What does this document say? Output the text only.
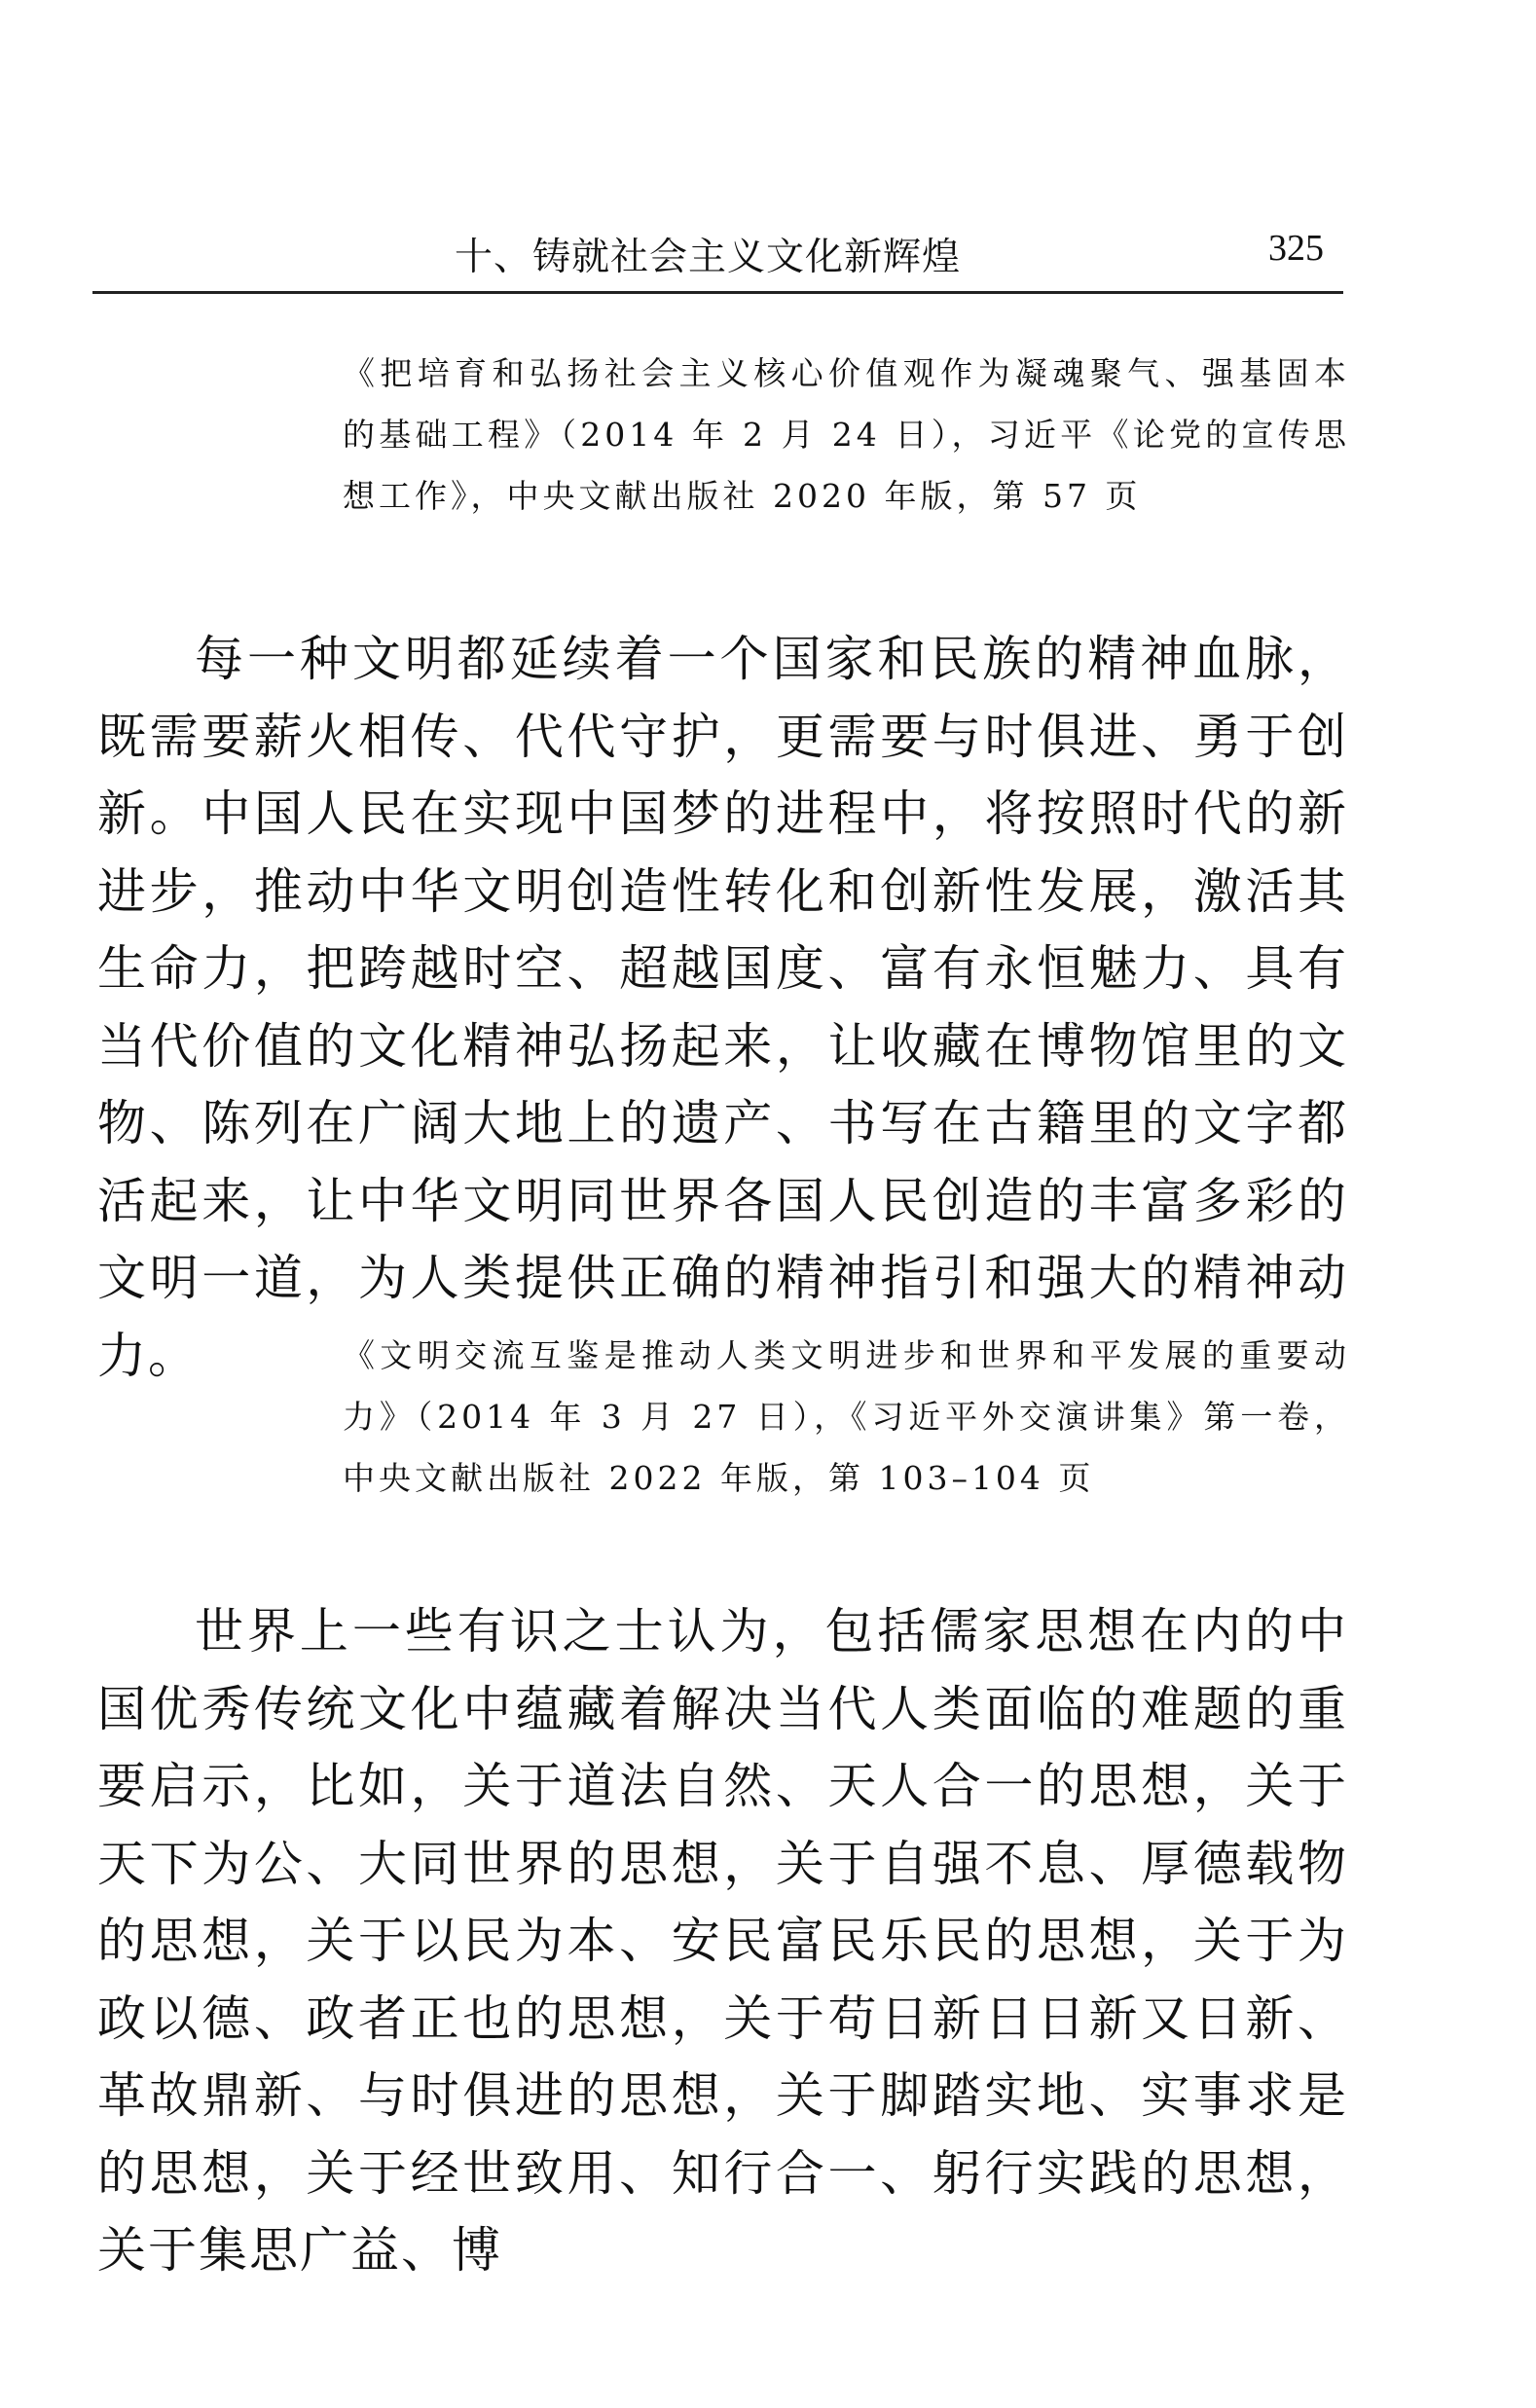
十、铸就社会主义文化新辉煌	325
《把培育和弘扬社会主义核心价值观作为凝魂聚气、强基固本的基础工程》（2014 年 2 月 24 日），习近平《论党的宣传思想工作》，中央文献出版社 2020 年版，第 57 页
每一种文明都延续着一个国家和民族的精神血脉，既需要薪火相传、代代守护，更需要与时俱进、勇于创新。中国人民在实现中国梦的进程中，将按照时代的新进步，推动中华文明创造性转化和创新性发展，激活其生命力，把跨越时空、超越国度、富有永恒魅力、具有当代价值的文化精神弘扬起来，让收藏在博物馆里的文物、陈列在广阔大地上的遗产、书写在古籍里的文字都活起来，让中华文明同世界各国人民创造的丰富多彩的文明一道，为人类提供正确的精神指引和强大的精神动力。	《文明交流互鉴是推动人类文明进步和世界和平发展的重要动力》（2014 年 3 月 27 日），《习近平外交演讲集》第一卷，中央文献出版社 2022 年版，第 103–104 页
世界上一些有识之士认为，包括儒家思想在内的中国优秀传统文化中蕴藏着解决当代人类面临的难题的重要启示，比如，关于道法自然、天人合一的思想，关于天下为公、大同世界的思想，关于自强不息、厚德载物的思想，关于以民为本、安民富民乐民的思想，关于为政以德、政者正也的思想，关于苟日新日日新又日新、革故鼎新、与时俱进的思想，关于脚踏实地、实事求是的思想，关于经世致用、知行合一、躬行实践的思想，关于集思广益、博
